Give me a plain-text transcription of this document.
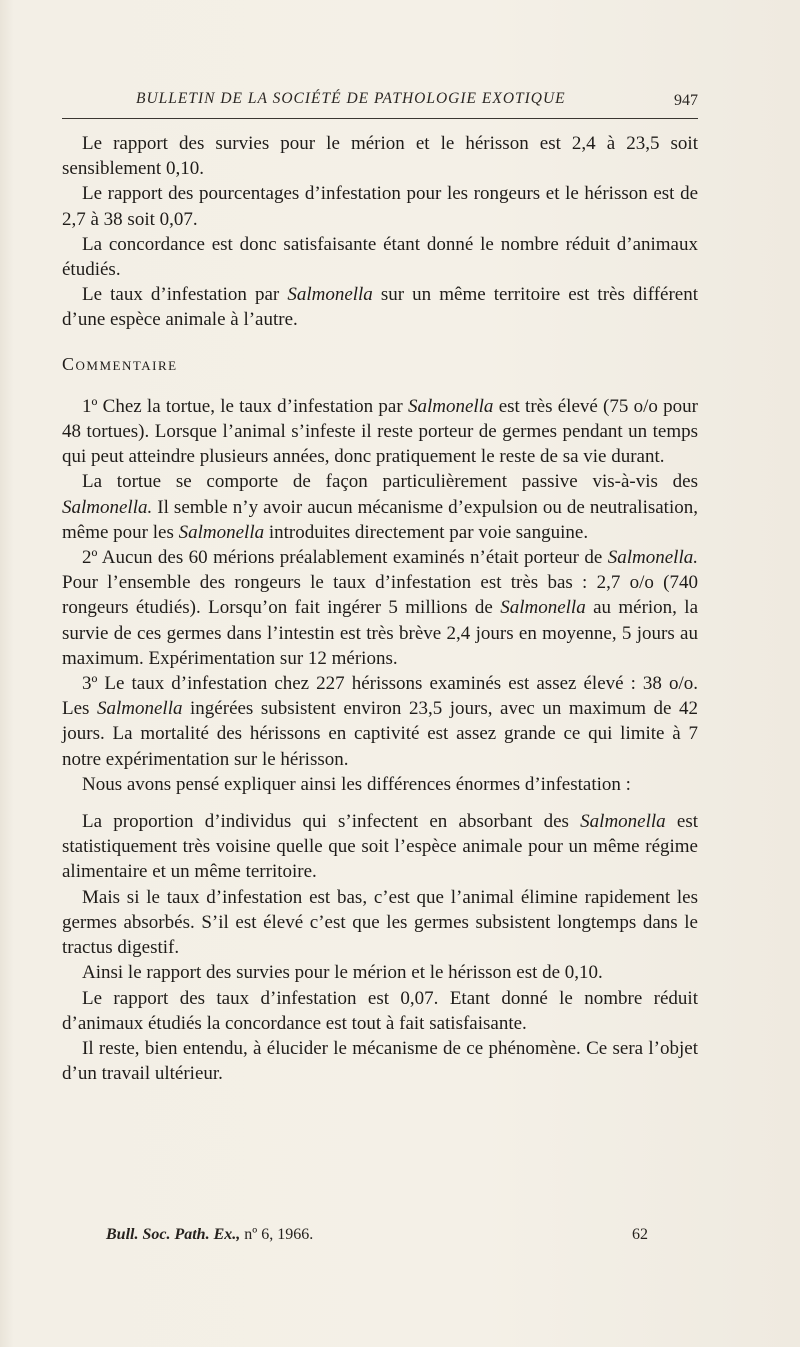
BULLETIN DE LA SOCIÉTÉ DE PATHOLOGIE EXOTIQUE	947

Le rapport des survies pour le mérion et le hérisson est 2,4 à 23,5 soit sensiblement 0,10.

Le rapport des pourcentages d’infestation pour les rongeurs et le hérisson est de 2,7 à 38 soit 0,07.

La concordance est donc satisfaisante étant donné le nombre réduit d’animaux étudiés.

Le taux d’infestation par Salmonella sur un même territoire est très différent d’une espèce animale à l’autre.

Commentaire

1º Chez la tortue, le taux d’infestation par Salmonella est très élevé (75 o/o pour 48 tortues). Lorsque l’animal s’infeste il reste porteur de germes pendant un temps qui peut atteindre plusieurs années, donc pratiquement le reste de sa vie durant.

La tortue se comporte de façon particulièrement passive vis-à-vis des Salmonella. Il semble n’y avoir aucun mécanisme d’expulsion ou de neutralisation, même pour les Salmonella introduites directement par voie sanguine.

2º Aucun des 60 mérions préalablement examinés n’était porteur de Salmonella. Pour l’ensemble des rongeurs le taux d’infestation est très bas : 2,7 o/o (740 rongeurs étudiés). Lorsqu’on fait ingérer 5 millions de Salmonella au mérion, la survie de ces germes dans l’intestin est très brève 2,4 jours en moyenne, 5 jours au maximum. Expérimentation sur 12 mérions.

3º Le taux d’infestation chez 227 hérissons examinés est assez élevé : 38 o/o. Les Salmonella ingérées subsistent environ 23,5 jours, avec un maximum de 42 jours. La mortalité des hérissons en captivité est assez grande ce qui limite à 7 notre expérimentation sur le hérisson.

Nous avons pensé expliquer ainsi les différences énormes d’infestation :

La proportion d’individus qui s’infectent en absorbant des Salmonella est statistiquement très voisine quelle que soit l’espèce animale pour un même régime alimentaire et un même territoire.

Mais si le taux d’infestation est bas, c’est que l’animal élimine rapidement les germes absorbés. S’il est élevé c’est que les germes subsistent longtemps dans le tractus digestif.

Ainsi le rapport des survies pour le mérion et le hérisson est de 0,10.

Le rapport des taux d’infestation est 0,07. Etant donné le nombre réduit d’animaux étudiés la concordance est tout à fait satisfaisante.

Il reste, bien entendu, à élucider le mécanisme de ce phénomène. Ce sera l’objet d’un travail ultérieur.

Bull. Soc. Path. Ex., nº 6, 1966.	62
